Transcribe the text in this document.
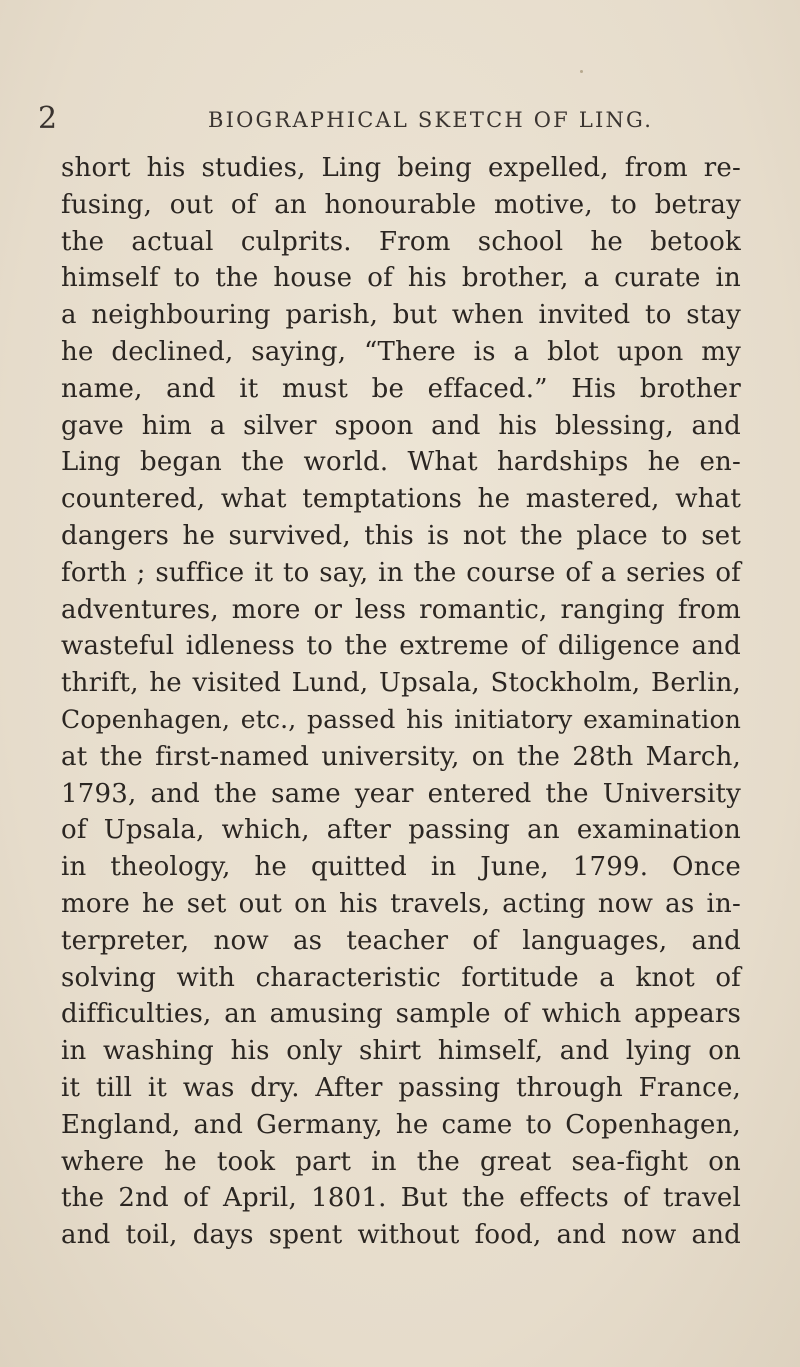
2	BIOGRAPHICAL SKETCH OF LING.
short his studies, Ling being expelled, from re-
fusing, out of an honourable motive, to betray
the actual culprits. From school he betook
himself to the house of his brother, a curate in
a neighbouring parish, but when invited to stay
he declined, saying, “There is a blot upon my
name, and it must be effaced.” His brother
gave him a silver spoon and his blessing, and
Ling began the world. What hardships he en-
countered, what temptations he mastered, what
dangers he survived, this is not the place to set
forth ; suffice it to say, in the course of a series of
adventures, more or less romantic, ranging from
wasteful idleness to the extreme of diligence and
thrift, he visited Lund, Upsala, Stockholm, Berlin,
Copenhagen, etc., passed his initiatory examination
at the first-named university, on the 28th March,
1793, and the same year entered the University
of Upsala, which, after passing an examination
in theology, he quitted in June, 1799. Once
more he set out on his travels, acting now as in-
terpreter, now as teacher of languages, and
solving with characteristic fortitude a knot of
difficulties, an amusing sample of which appears
in washing his only shirt himself, and lying on
it till it was dry. After passing through France,
England, and Germany, he came to Copenhagen,
where he took part in the great sea-fight on
the 2nd of April, 1801. But the effects of travel
and toil, days spent without food, and now and
